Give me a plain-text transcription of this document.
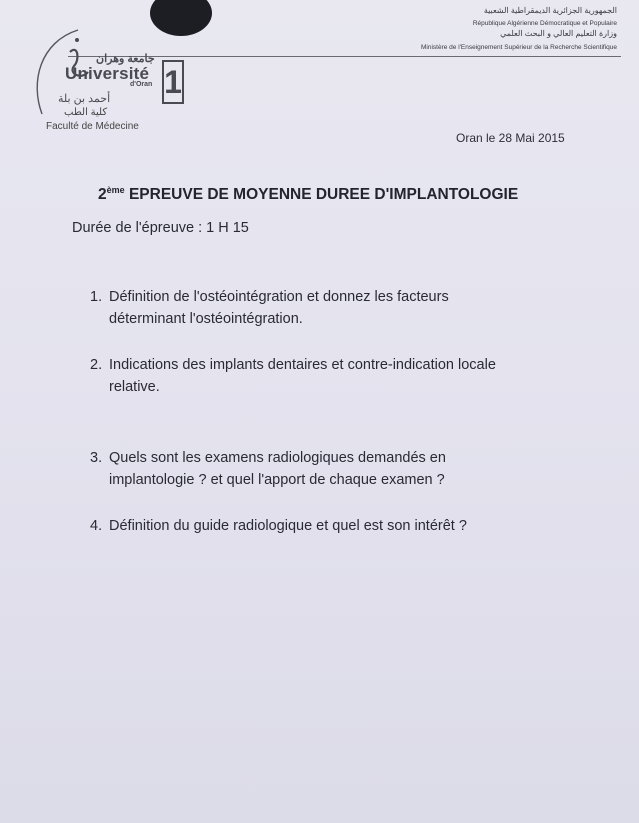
الجمهورية الجزائرية الديمقراطية الشعبية
République Algérienne Démocratique et Populaire
وزارة التعليم العالي و البحث العلمي
Ministère de l'Enseignement Supérieur de la Recherche Scientifique
جامعة وهران
Université
d'Oran 1
أحمد بن بلة
كلية الطب
Faculté de Médecine
Oran le 28 Mai 2015
2ème EPREUVE DE MOYENNE DUREE D'IMPLANTOLOGIE
Durée de l'épreuve : 1 H 15
1. Définition de l'ostéointégration et donnez les facteurs
déterminant l'ostéointégration.
2. Indications des implants dentaires et contre-indication locale
relative.
3. Quels sont les examens radiologiques demandés en
implantologie ? et quel l'apport de chaque examen ?
4. Définition du guide radiologique et quel est son intérêt ?
